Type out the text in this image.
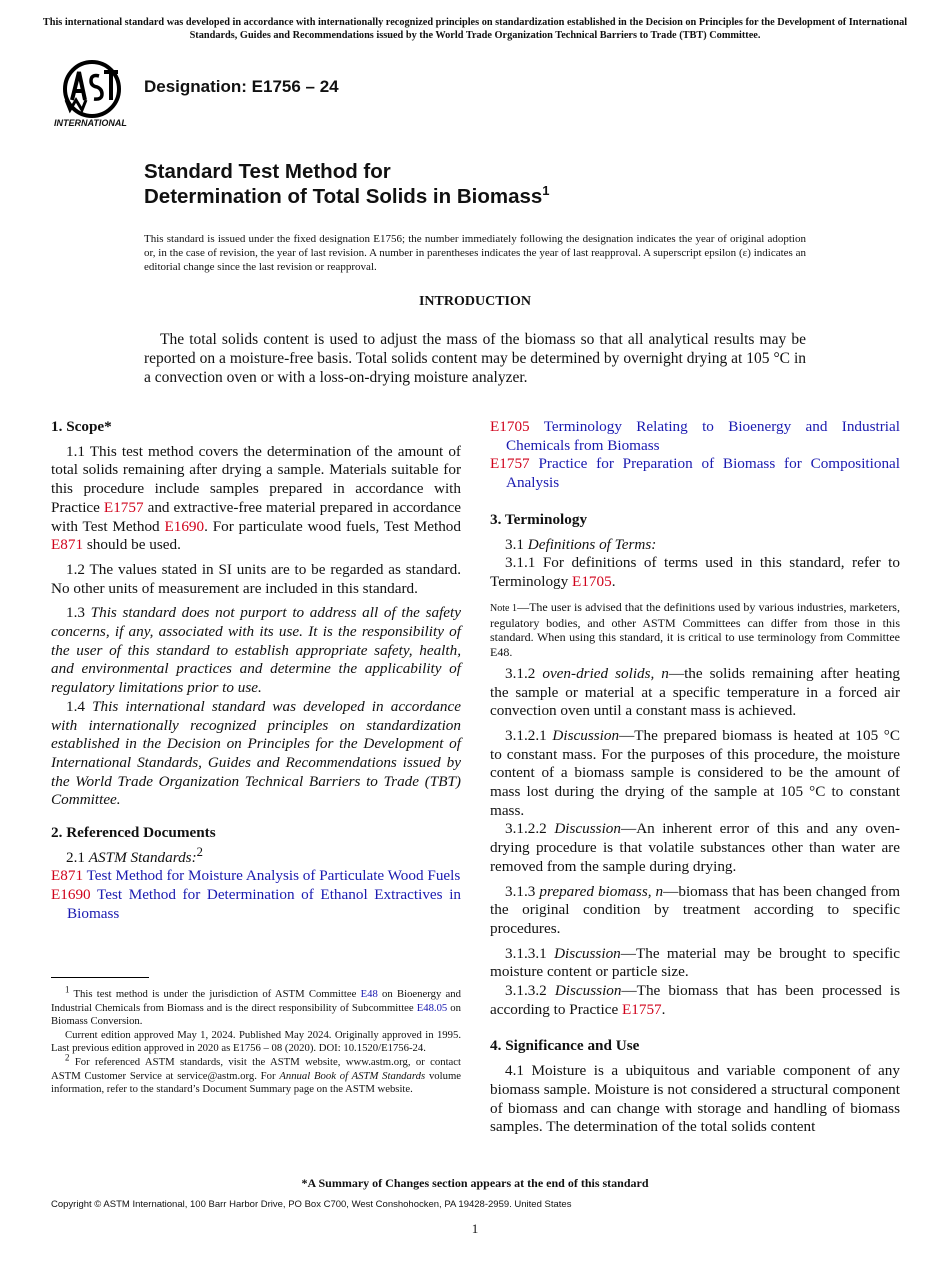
This international standard was developed in accordance with internationally recognized principles on standardization established in the Decision on Principles for the Development of International Standards, Guides and Recommendations issued by the World Trade Organization Technical Barriers to Trade (TBT) Committee.
INTERNATIONAL
Designation: E1756 – 24
Standard Test Method for
Determination of Total Solids in Biomass$^1$
This standard is issued under the fixed designation E1756; the number immediately following the designation indicates the year of original adoption or, in the case of revision, the year of last revision. A number in parentheses indicates the year of last reapproval. A superscript epsilon (ε) indicates an editorial change since the last revision or reapproval.
INTRODUCTION

The total solids content is used to adjust the mass of the biomass so that all analytical results may be reported on a moisture-free basis. Total solids content may be determined by overnight drying at 105 °C in a convection oven or with a loss-on-drying moisture analyzer.

1. Scope*

1.1 This test method covers the determination of the amount of total solids remaining after drying a sample. Materials suitable for this procedure include samples prepared in accordance with Practice E1757 and extractive-free material prepared in accordance with Test Method E1690. For particulate wood fuels, Test Method E871 should be used.

1.2 The values stated in SI units are to be regarded as standard. No other units of measurement are included in this standard.

1.3 This standard does not purport to address all of the safety concerns, if any, associated with its use. It is the responsibility of the user of this standard to establish appropriate safety, health, and environmental practices and determine the applicability of regulatory limitations prior to use.

1.4 This international standard was developed in accordance with internationally recognized principles on standardization established in the Decision on Principles for the Development of International Standards, Guides and Recommendations issued by the World Trade Organization Technical Barriers to Trade (TBT) Committee.

2. Referenced Documents

2.1 ASTM Standards:$^2$

E871 Test Method for Moisture Analysis of Particulate Wood Fuels

E1690 Test Method for Determination of Ethanol Extractives in Biomass

$^1$ This test method is under the jurisdiction of ASTM Committee E48 on Bioenergy and Industrial Chemicals from Biomass and is the direct responsibility of Subcommittee E48.05 on Biomass Conversion.

Current edition approved May 1, 2024. Published May 2024. Originally approved in 1995. Last previous edition approved in 2020 as E1756 – 08 (2020). DOI: 10.1520/E1756-24.

$^2$ For referenced ASTM standards, visit the ASTM website, www.astm.org, or contact ASTM Customer Service at service@astm.org. For Annual Book of ASTM Standards volume information, refer to the standard’s Document Summary page on the ASTM website.

E1705 Terminology Relating to Bioenergy and Industrial Chemicals from Biomass

E1757 Practice for Preparation of Biomass for Compositional Analysis

3. Terminology

3.1 Definitions of Terms:

3.1.1 For definitions of terms used in this standard, refer to Terminology E1705.

Note 1—The user is advised that the definitions used by various industries, marketers, regulatory bodies, and other ASTM Committees can differ from those in this standard. When using this standard, it is critical to use terminology from Committee E48.

3.1.2 oven-dried solids, n—the solids remaining after heating the sample or material at a specific temperature in a forced air convection oven until a constant mass is achieved.

3.1.2.1 Discussion—The prepared biomass is heated at 105 °C to constant mass. For the purposes of this procedure, the moisture content of a biomass sample is considered to be the amount of mass lost during the drying of the sample at 105 °C to constant mass.

3.1.2.2 Discussion—An inherent error of this and any oven-drying procedure is that volatile substances other than water are removed from the sample during drying.

3.1.3 prepared biomass, n—biomass that has been changed from the original condition by treatment according to specific procedures.

3.1.3.1 Discussion—The material may be brought to specific moisture content or particle size.

3.1.3.2 Discussion—The biomass that has been processed is according to Practice E1757.

4. Significance and Use

4.1 Moisture is a ubiquitous and variable component of any biomass sample. Moisture is not considered a structural component of biomass and can change with storage and handling of biomass samples. The determination of the total solids content

*A Summary of Changes section appears at the end of this standard
Copyright © ASTM International, 100 Barr Harbor Drive, PO Box C700, West Conshohocken, PA 19428-2959. United States
1
